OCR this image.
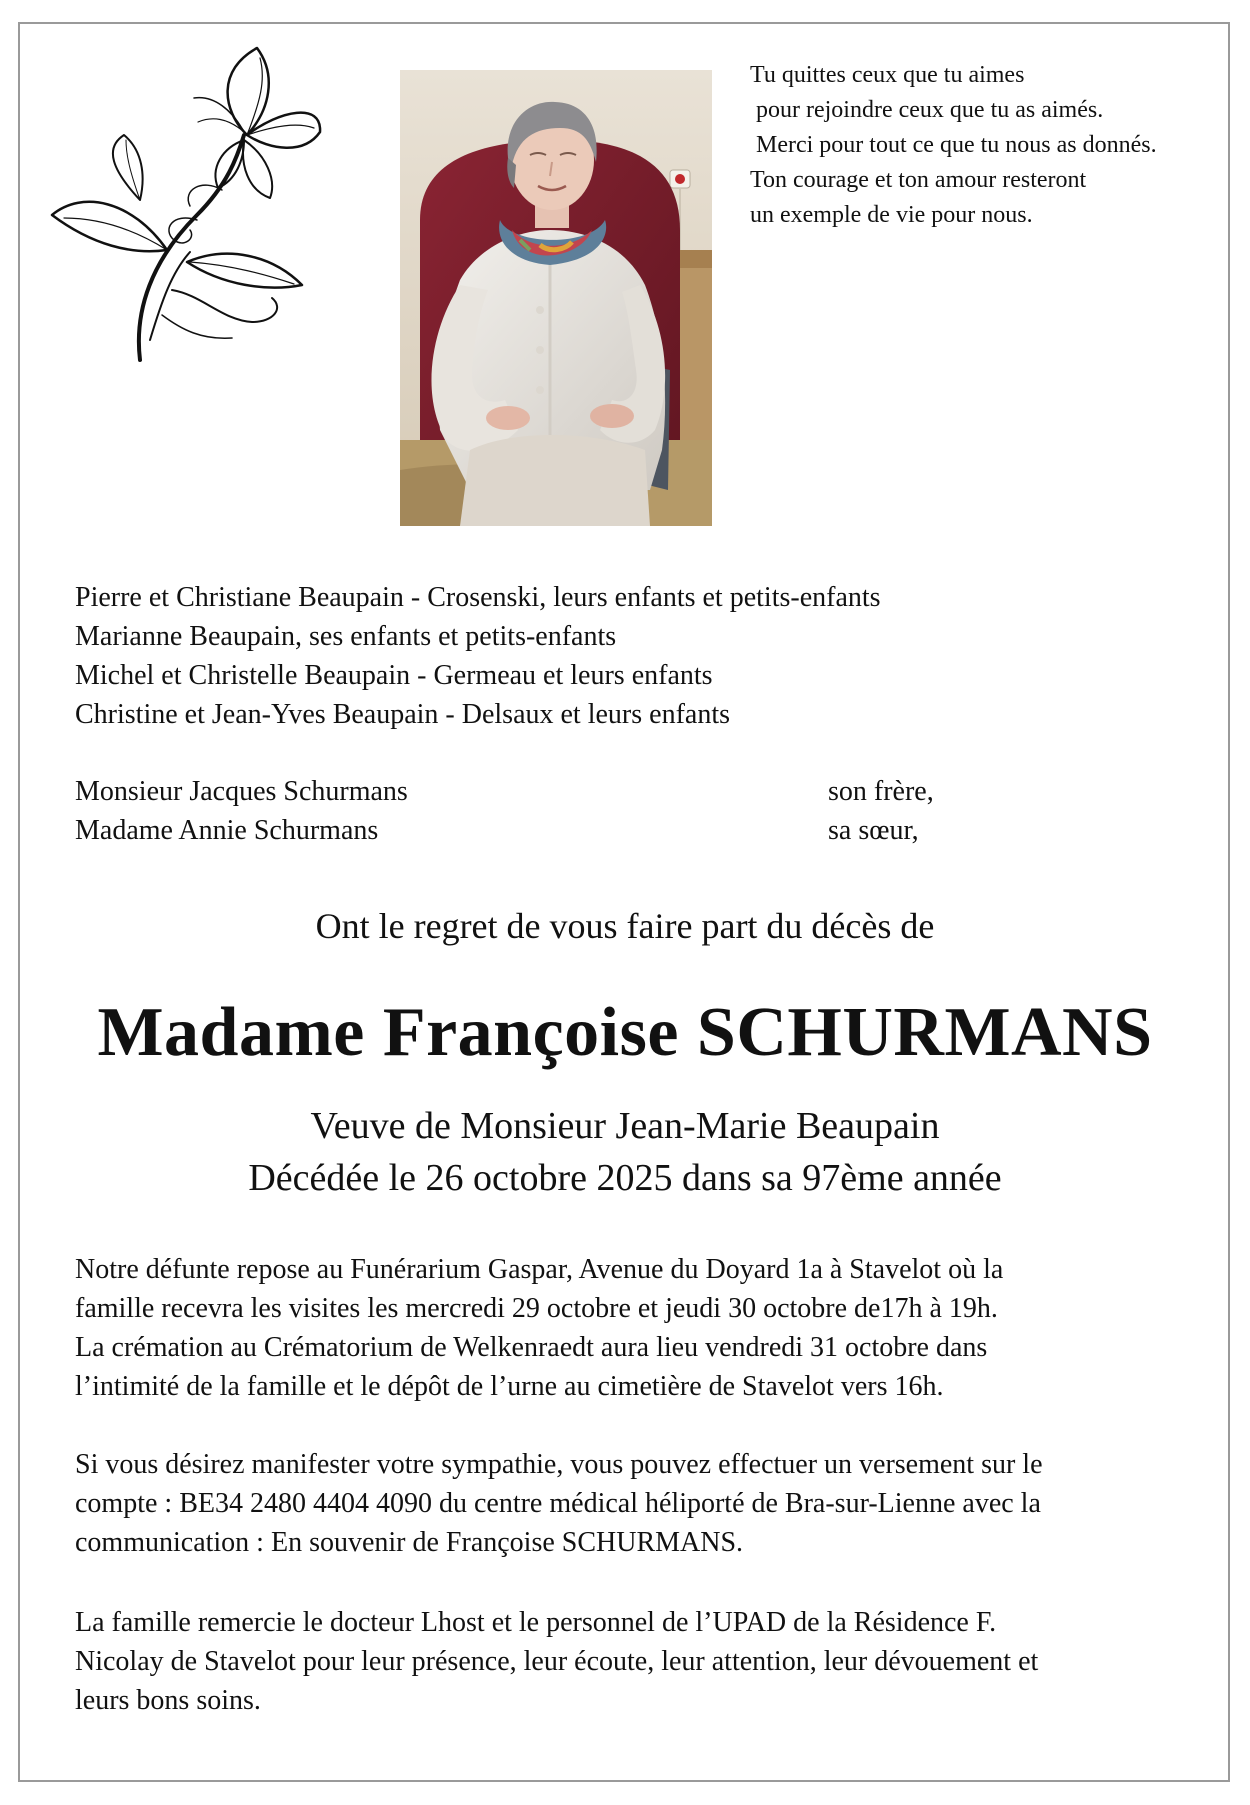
Tu quittes ceux que tu aimes
pour rejoindre ceux que tu as aimés.
Merci pour tout ce que tu nous as donnés.
Ton courage et ton amour resteront
un exemple de vie pour nous.
Pierre et Christiane Beaupain - Crosenski, leurs enfants et petits-enfants
Marianne Beaupain, ses enfants et petits-enfants
Michel et Christelle Beaupain - Germeau et leurs enfants
Christine et Jean-Yves Beaupain - Delsaux et leurs enfants
Monsieur Jacques Schurmans	son frère,
Madame Annie Schurmans	sa sœur,
Ont le regret de vous faire part du décès de
Madame Françoise SCHURMANS
Veuve de Monsieur Jean-Marie Beaupain
Décédée le 26 octobre 2025 dans sa 97ème année
Notre défunte repose au Funérarium Gaspar, Avenue du Doyard 1a à Stavelot où la
famille recevra les visites les mercredi 29 octobre et jeudi 30 octobre de17h à 19h.
La crémation au Crématorium de Welkenraedt aura lieu vendredi 31 octobre dans
l’intimité de la famille et le dépôt de l’urne au cimetière de Stavelot vers 16h.
Si vous désirez manifester votre sympathie, vous pouvez effectuer un versement sur le
compte : BE34 2480 4404 4090 du centre médical héliporté de Bra-sur-Lienne avec la
communication : En souvenir de Françoise SCHURMANS.
La famille remercie le docteur Lhost et le personnel de l’UPAD de la Résidence F.
Nicolay de Stavelot pour leur présence, leur écoute, leur attention, leur dévouement et
leurs bons soins.
